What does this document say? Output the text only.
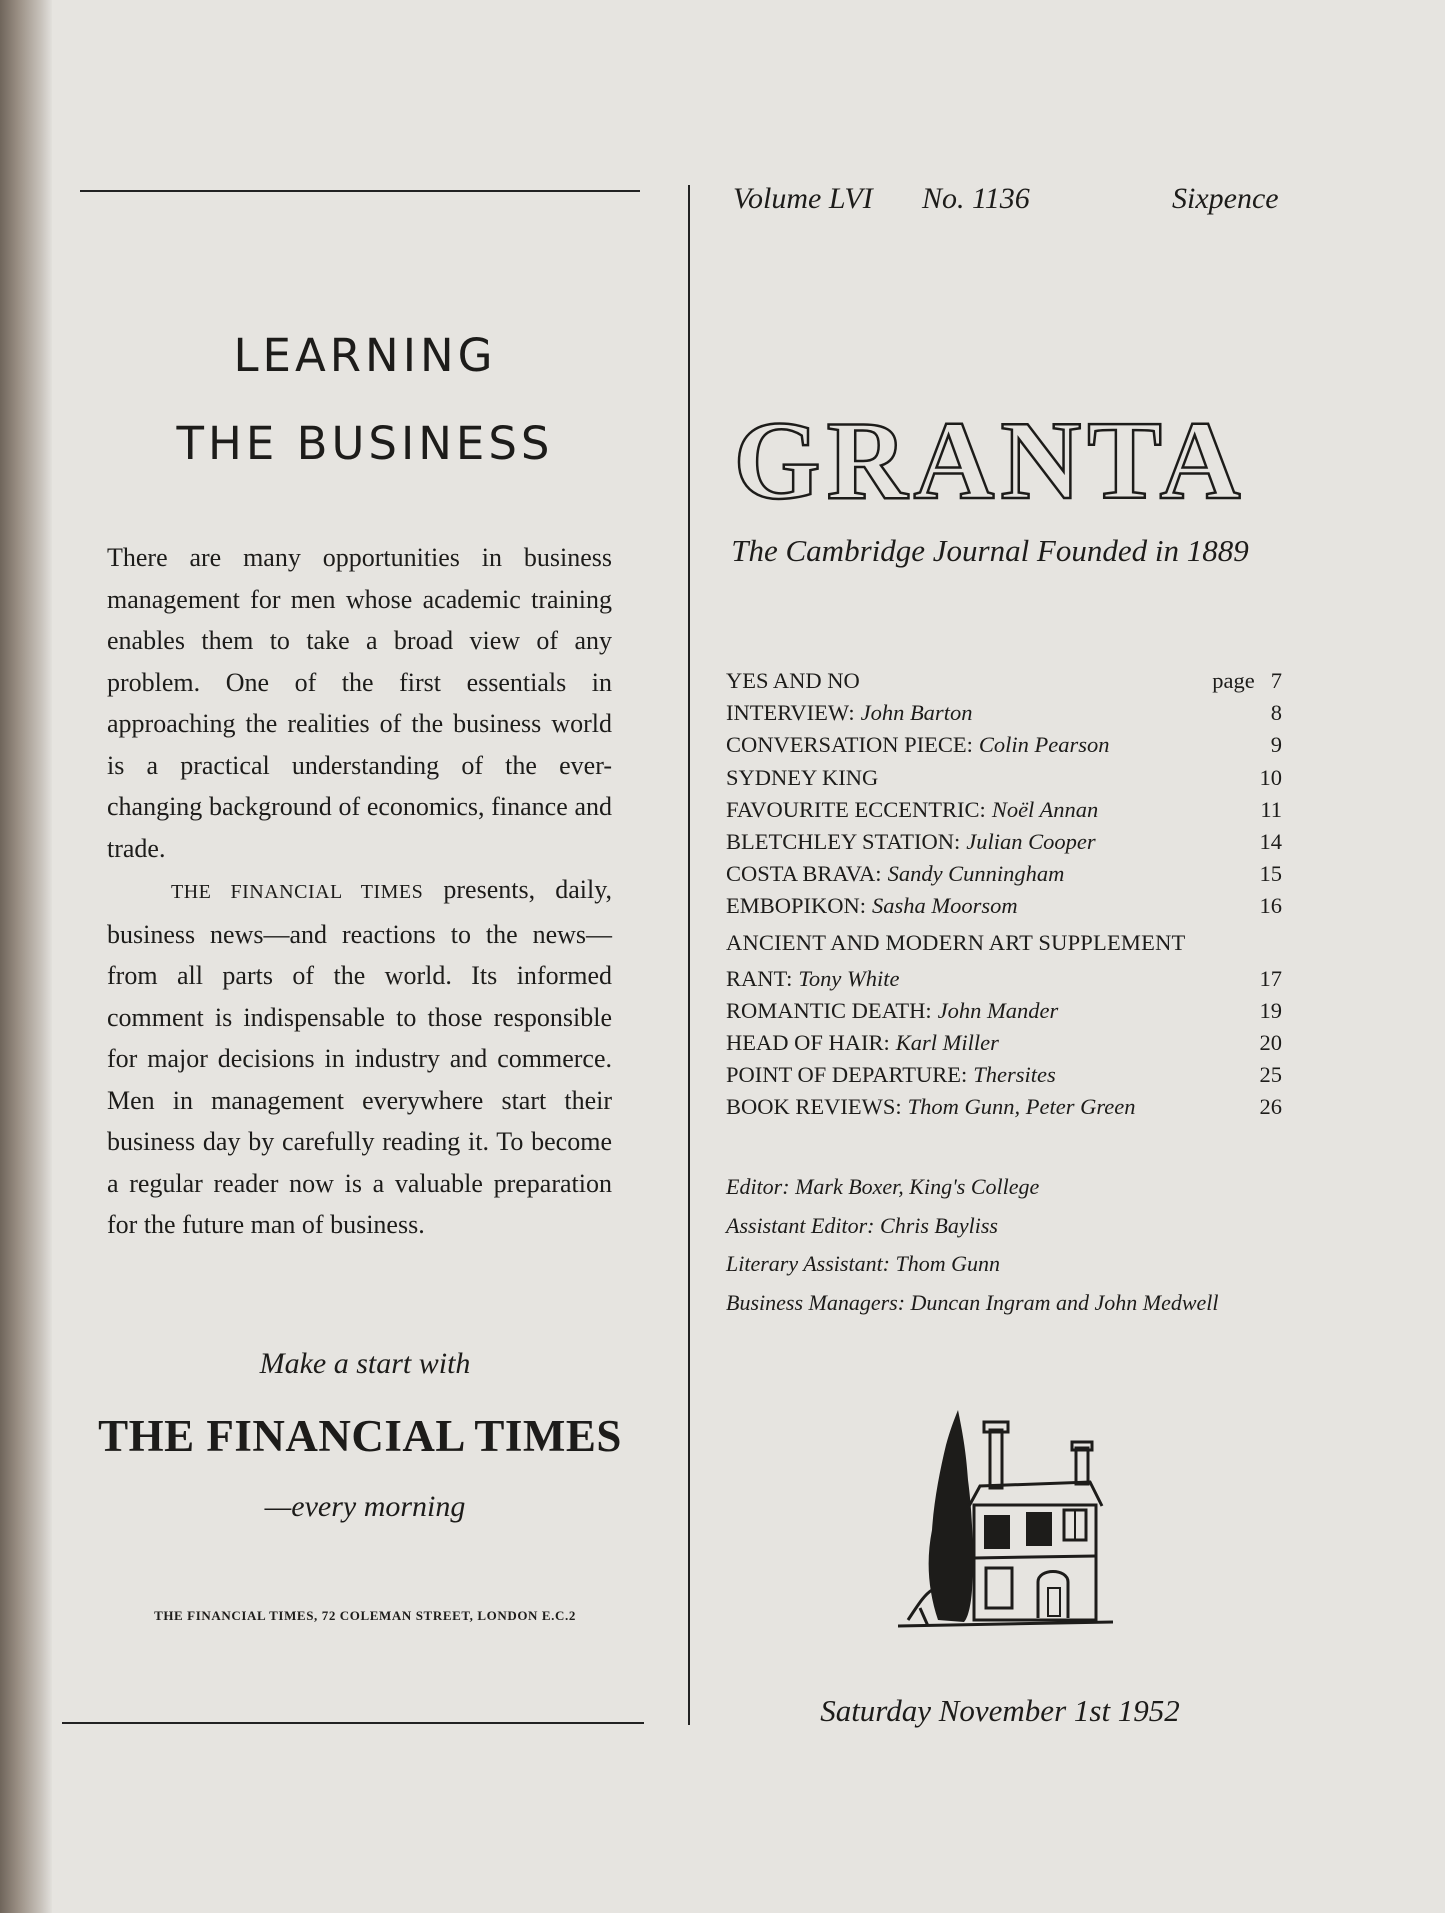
LEARNING
THE BUSINESS

There are many opportunities in business management for men whose academic training enables them to take a broad view of any problem. One of the first essentials in approaching the realities of the business world is a practical understanding of the ever-changing background of economics, finance and trade.

THE FINANCIAL TIMES presents, daily, business news—and reactions to the news—from all parts of the world. Its informed comment is indispensable to those responsible for major decisions in industry and commerce. Men in management everywhere start their business day by carefully reading it. To become a regular reader now is a valuable preparation for the future man of business.

Make a start with
THE FINANCIAL TIMES
—every morning
THE FINANCIAL TIMES, 72 COLEMAN STREET, LONDON E.C.2
Volume LVI No. 1136	Sixpence
GRANTA
The Cambridge Journal Founded in 1889
YES AND NO	page 7
INTERVIEW: John Barton	8
CONVERSATION PIECE: Colin Pearson	9
SYDNEY KING	10
FAVOURITE ECCENTRIC: Noël Annan	11
BLETCHLEY STATION: Julian Cooper	14
COSTA BRAVA: Sandy Cunningham	15
EMBOPIKON: Sasha Moorsom	16
ANCIENT AND MODERN ART SUPPLEMENT
RANT: Tony White	17
ROMANTIC DEATH: John Mander	19
HEAD OF HAIR: Karl Miller	20
POINT OF DEPARTURE: Thersites	25
BOOK REVIEWS: Thom Gunn, Peter Green	26
Editor: Mark Boxer, King's College
Assistant Editor: Chris Bayliss
Literary Assistant: Thom Gunn
Business Managers: Duncan Ingram and John Medwell
Saturday November 1st 1952
